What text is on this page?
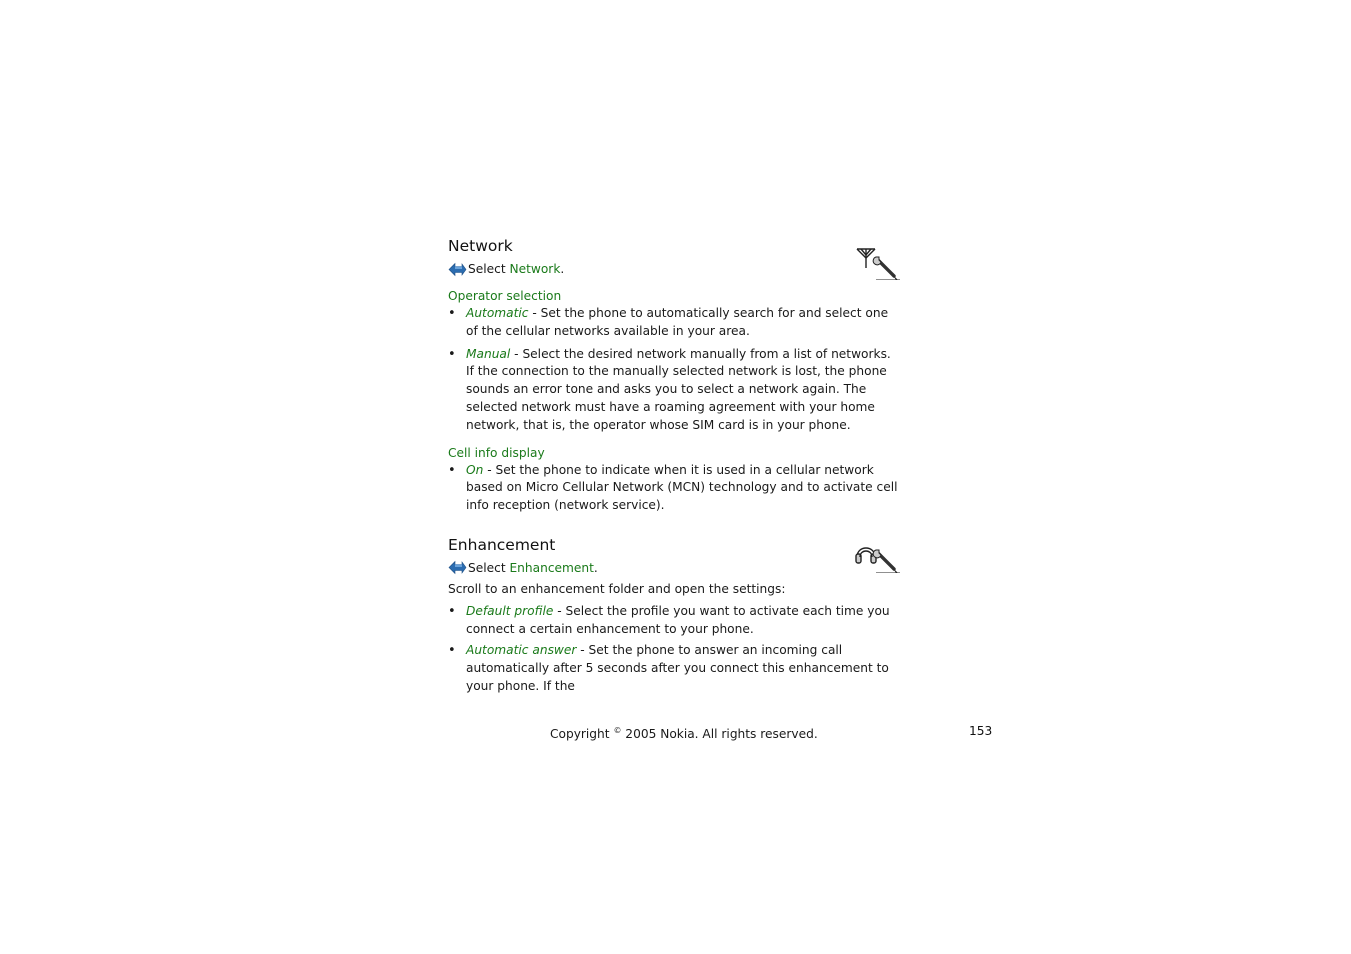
Network
Select
Network .
Operator selection
• Automatic - Set the phone to automatically search for and select one of the cellular networks available in your area.
• Manual - Select the desired network manually from a list of networks. If the connection to the manually selected network is lost, the phone sounds an error tone and asks you to select a network again. The selected network must have a roaming agreement with your home network, that is, the operator whose SIM card is in your phone.
Cell info display
• On - Set the phone to indicate when it is used in a cellular network based on Micro Cellular Network (MCN) technology and to activate cell info reception (network service).
Enhancement
Select
Enhancement .

Scroll to an enhancement folder and open the settings:

• Default profile - Select the profile you want to activate each time you connect a certain enhancement to your phone.
• Automatic answer - Set the phone to answer an incoming call automatically after 5 seconds after you connect this enhancement to your phone. If the
Copyright © 2005 Nokia. All rights reserved.	153
